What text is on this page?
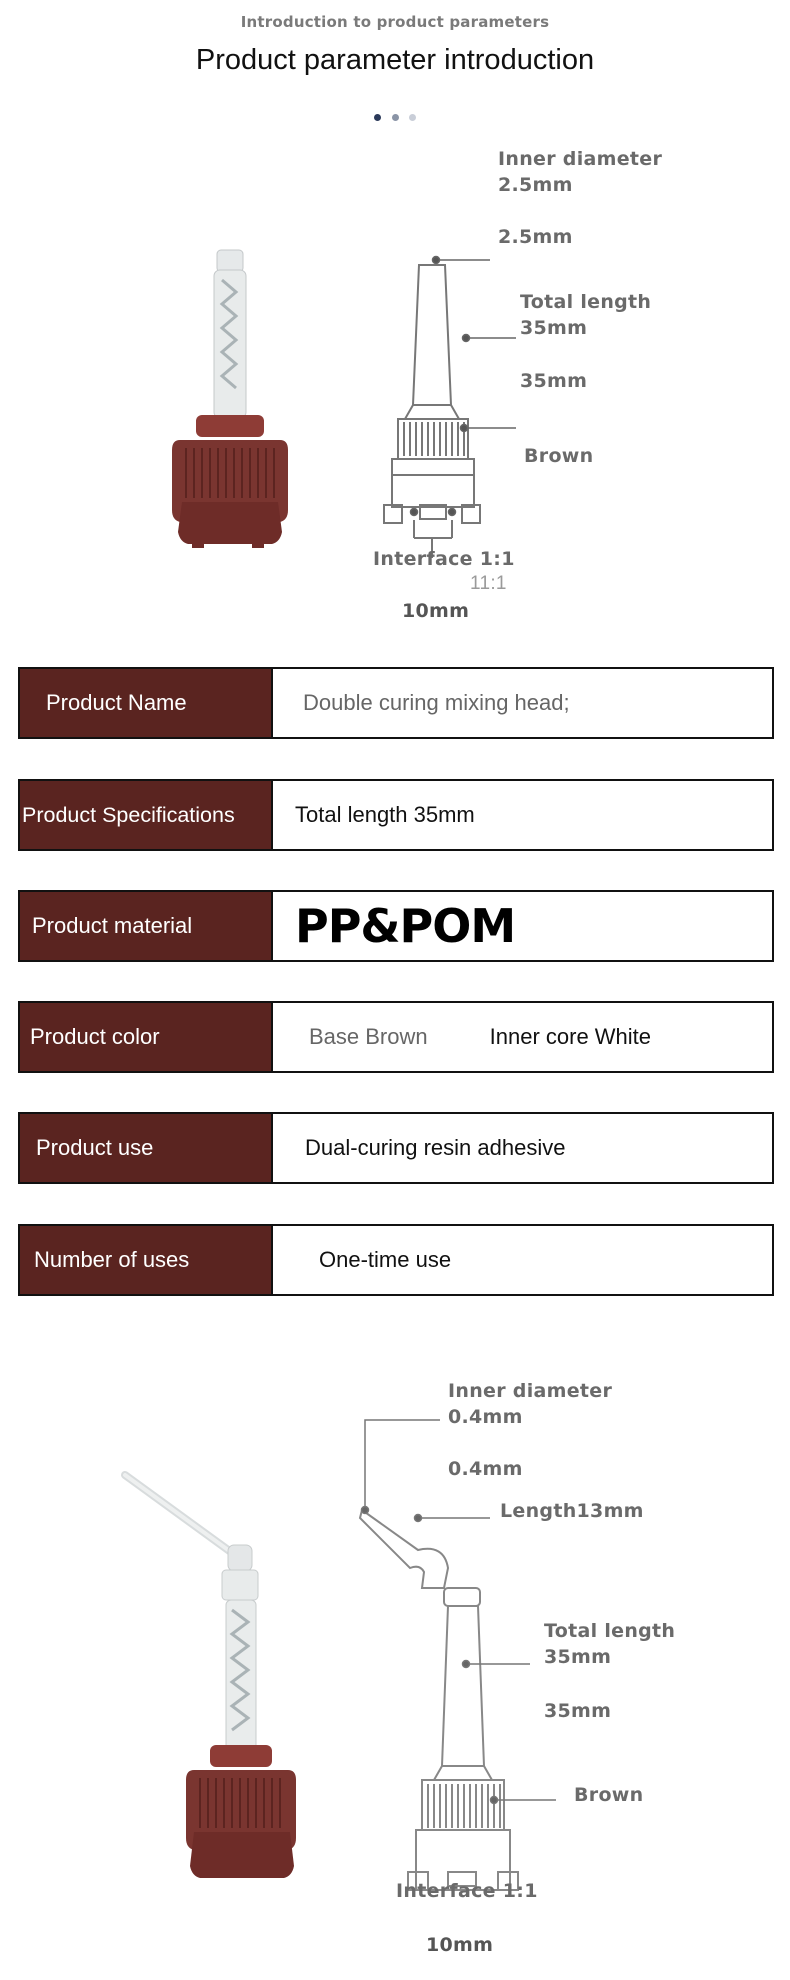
Introduction to product parameters
Product parameter introduction

Inner diameter
2.5mm
2.5mm
Total length
35mm
35mm
Brown
Interface 1:1
11:1
10mm
Product Name	Double curing mixing head;
Product Specifications	Total length 35mm
Product material	PP&POM
Product color	Base Brown	Inner core White
Product use	Dual-curing resin adhesive
Number of uses	One-time use
Inner diameter
0.4mm
0.4mm
Length13mm
Total length
35mm
35mm
Brown
Interface 1:1
10mm
